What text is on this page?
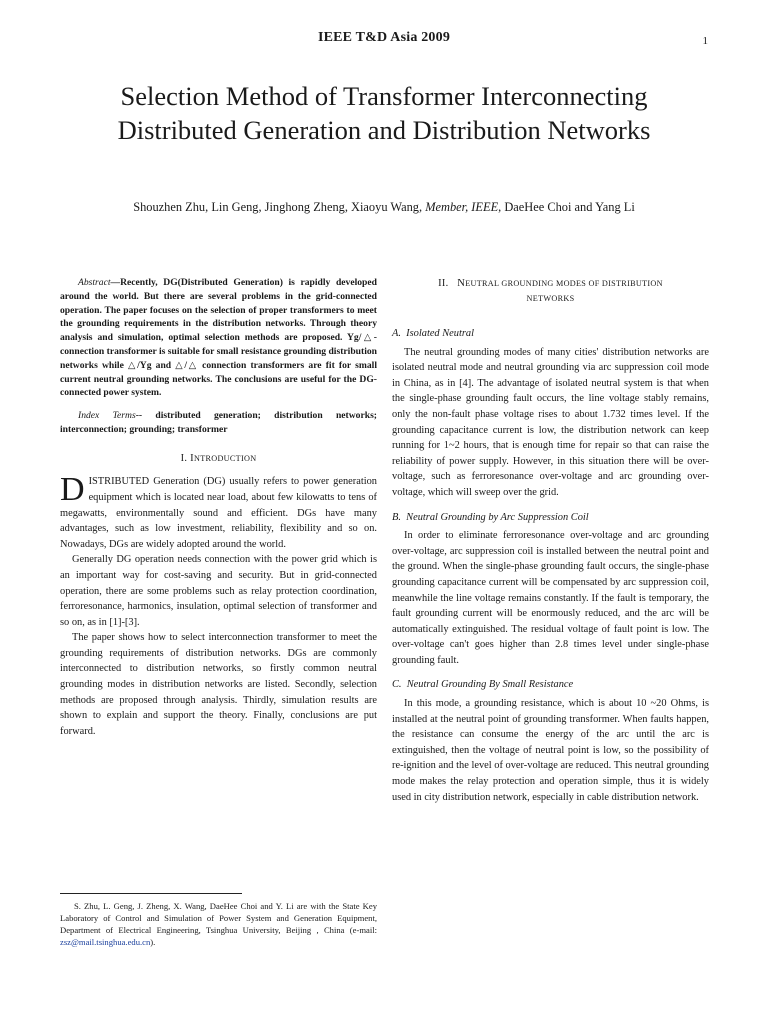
IEEE T&D Asia 2009	1
Selection Method of Transformer Interconnecting Distributed Generation and Distribution Networks
Shouzhen Zhu, Lin Geng, Jinghong Zheng, Xiaoyu Wang, Member, IEEE, DaeHee Choi and Yang Li

Abstract—Recently, DG(Distributed Generation) is rapidly developed around the world. But there are several problems in the grid-connected operation. The paper focuses on the selection of proper transformers to meet the grounding requirements in the distribution networks. Through theory analysis and simulation, optimal selection methods are proposed. Yg/△-connection transformer is suitable for small resistance grounding distribution networks while △/Yg and △/△ connection transformers are fit for small current neutral grounding networks. The conclusions are useful for the DG-connected power system.

Index Terms-- distributed generation; distribution networks; interconnection; grounding; transformer

I. INTRODUCTION

DISTRIBUTED Generation (DG) usually refers to power generation equipment which is located near load, about few kilowatts to tens of megawatts, environmentally sound and efficient. DGs have many advantages, such as low investment, reliability, flexibility and so on. Nowadays, DGs are widely adopted around the world.

Generally DG operation needs connection with the power grid which is an important way for cost-saving and security. But in grid-connected operation, there are some problems such as relay protection coordination, ferroresonance, harmonics, insulation, optimal selection of transformer and so on, as in [1]-[3].

The paper shows how to select interconnection transformer to meet the grounding requirements of distribution networks. DGs are commonly interconnected to distribution networks, so firstly common neutral grounding modes in distribution networks are listed. Secondly, selection methods are proposed through analysis. Thirdly, simulation results are shown to explain and support the theory. Finally, conclusions are put forward.

S. Zhu, L. Geng, J. Zheng, X. Wang, DaeHee Choi and Y. Li are with the State Key Laboratory of Control and Simulation of Power System and Generation Equipment, Department of Electrical Engineering, Tsinghua University, Beijing , China (e-mail: zsz@mail.tsinghua.edu.cn).
II. NEUTRAL GROUNDING MODES OF DISTRIBUTION
NETWORKS
A. Isolated Neutral

The neutral grounding modes of many cities' distribution networks are isolated neutral mode and neutral grounding via arc suppression coil mode in China, as in [4]. The advantage of isolated neutral system is that when the single-phase grounding fault occurs, the line voltage stably remains, only the non-fault phase voltage rises to about 1.732 times level. If the grounding capacitance current is low, the distribution network can keep running for 1~2 hours, that is enough time for repair so that can raise the reliability of power supply. However, in this situation there will be over-voltage, such as ferroresonance over-voltage and arc grounding over-voltage, which will sweep over the grid.

B. Neutral Grounding by Arc Suppression Coil

In order to eliminate ferroresonance over-voltage and arc grounding over-voltage, arc suppression coil is installed between the neutral point and the ground. When the single-phase grounding fault occurs, the single-phase grounding capacitance current will be compensated by arc suppression coil, meanwhile the line voltage remains constantly. If the fault is temporary, the fault grounding current will be enormously reduced, and the arc will be automatically extinguished. The residual voltage of fault point is low. The over-voltage can't goes higher than 2.8 times level under single-phase grounding fault.

C. Neutral Grounding By Small Resistance

In this mode, a grounding resistance, which is about 10 ~20 Ohms, is installed at the neutral point of grounding transformer. When faults happen, the resistance can consume the energy of the arc until the arc is extinguished, then the voltage of neutral point is low, so the possibility of re-ignition and the level of over-voltage are reduced. This neutral grounding mode makes the relay protection and operation simple, thus it is widely used in city distribution network, especially in cable distribution network.
